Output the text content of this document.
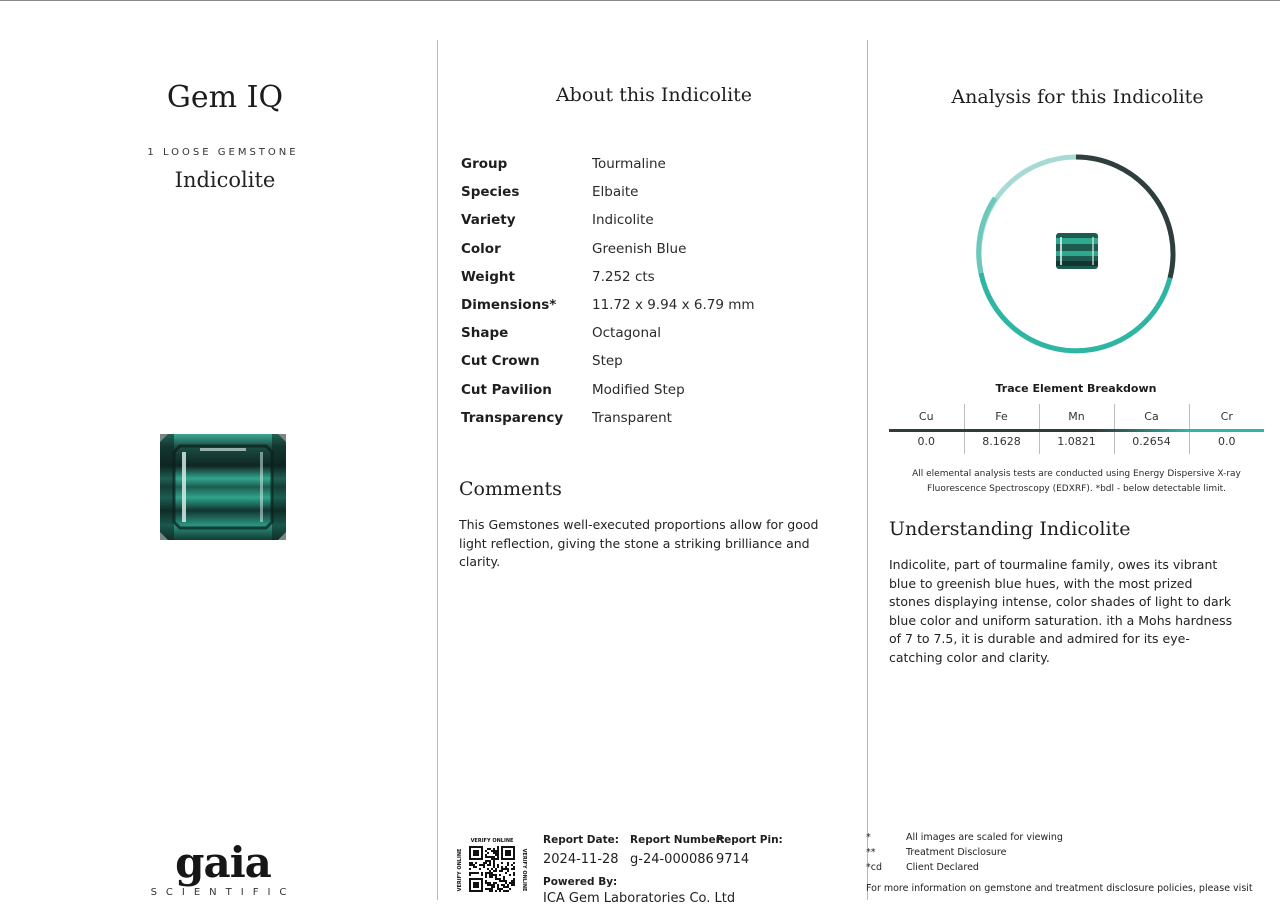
Gem IQ
1 LOOSE GEMSTONE
Indicolite
gaia
SCIENTIFIC
About this Indicolite
Group	Tourmaline
Species	Elbaite
Variety	Indicolite
Color	Greenish Blue
Weight	7.252 cts
Dimensions*	11.72 x 9.94 x 6.79 mm
Shape	Octagonal
Cut Crown	Step
Cut Pavilion	Modified Step
Transparency	Transparent
Comments
This Gemstones well-executed proportions allow for good light reflection, giving the stone a striking brilliance and clarity.
VERIFY ONLINE
VERIFY ONLINE	VERIFY ONLINE
Report Date:
2024-11-28
Report Number:
g-24-000086
Report Pin:
9714
Powered By:
ICA Gem Laboratories Co. Ltd
Analysis for this Indicolite
Trace Element Breakdown
Cu	Fe	Mn	Ca	Cr
0.0	8.1628	1.0821	0.2654	0.0
All elemental analysis tests are conducted using Energy Dispersive X-ray Fluorescence Spectroscopy (EDXRF). *bdl - below detectable limit.
Understanding Indicolite
Indicolite, part of tourmaline family, owes its vibrant blue to greenish blue hues, with the most prized stones displaying intense, color shades of light to dark blue color and uniform saturation. ith a Mohs hardness of 7 to 7.5, it is durable and admired for its eye-catching color and clarity.
*	All images are scaled for viewing
**	Treatment Disclosure
*cd	Client Declared
For more information on gemstone and treatment disclosure policies, please visit
